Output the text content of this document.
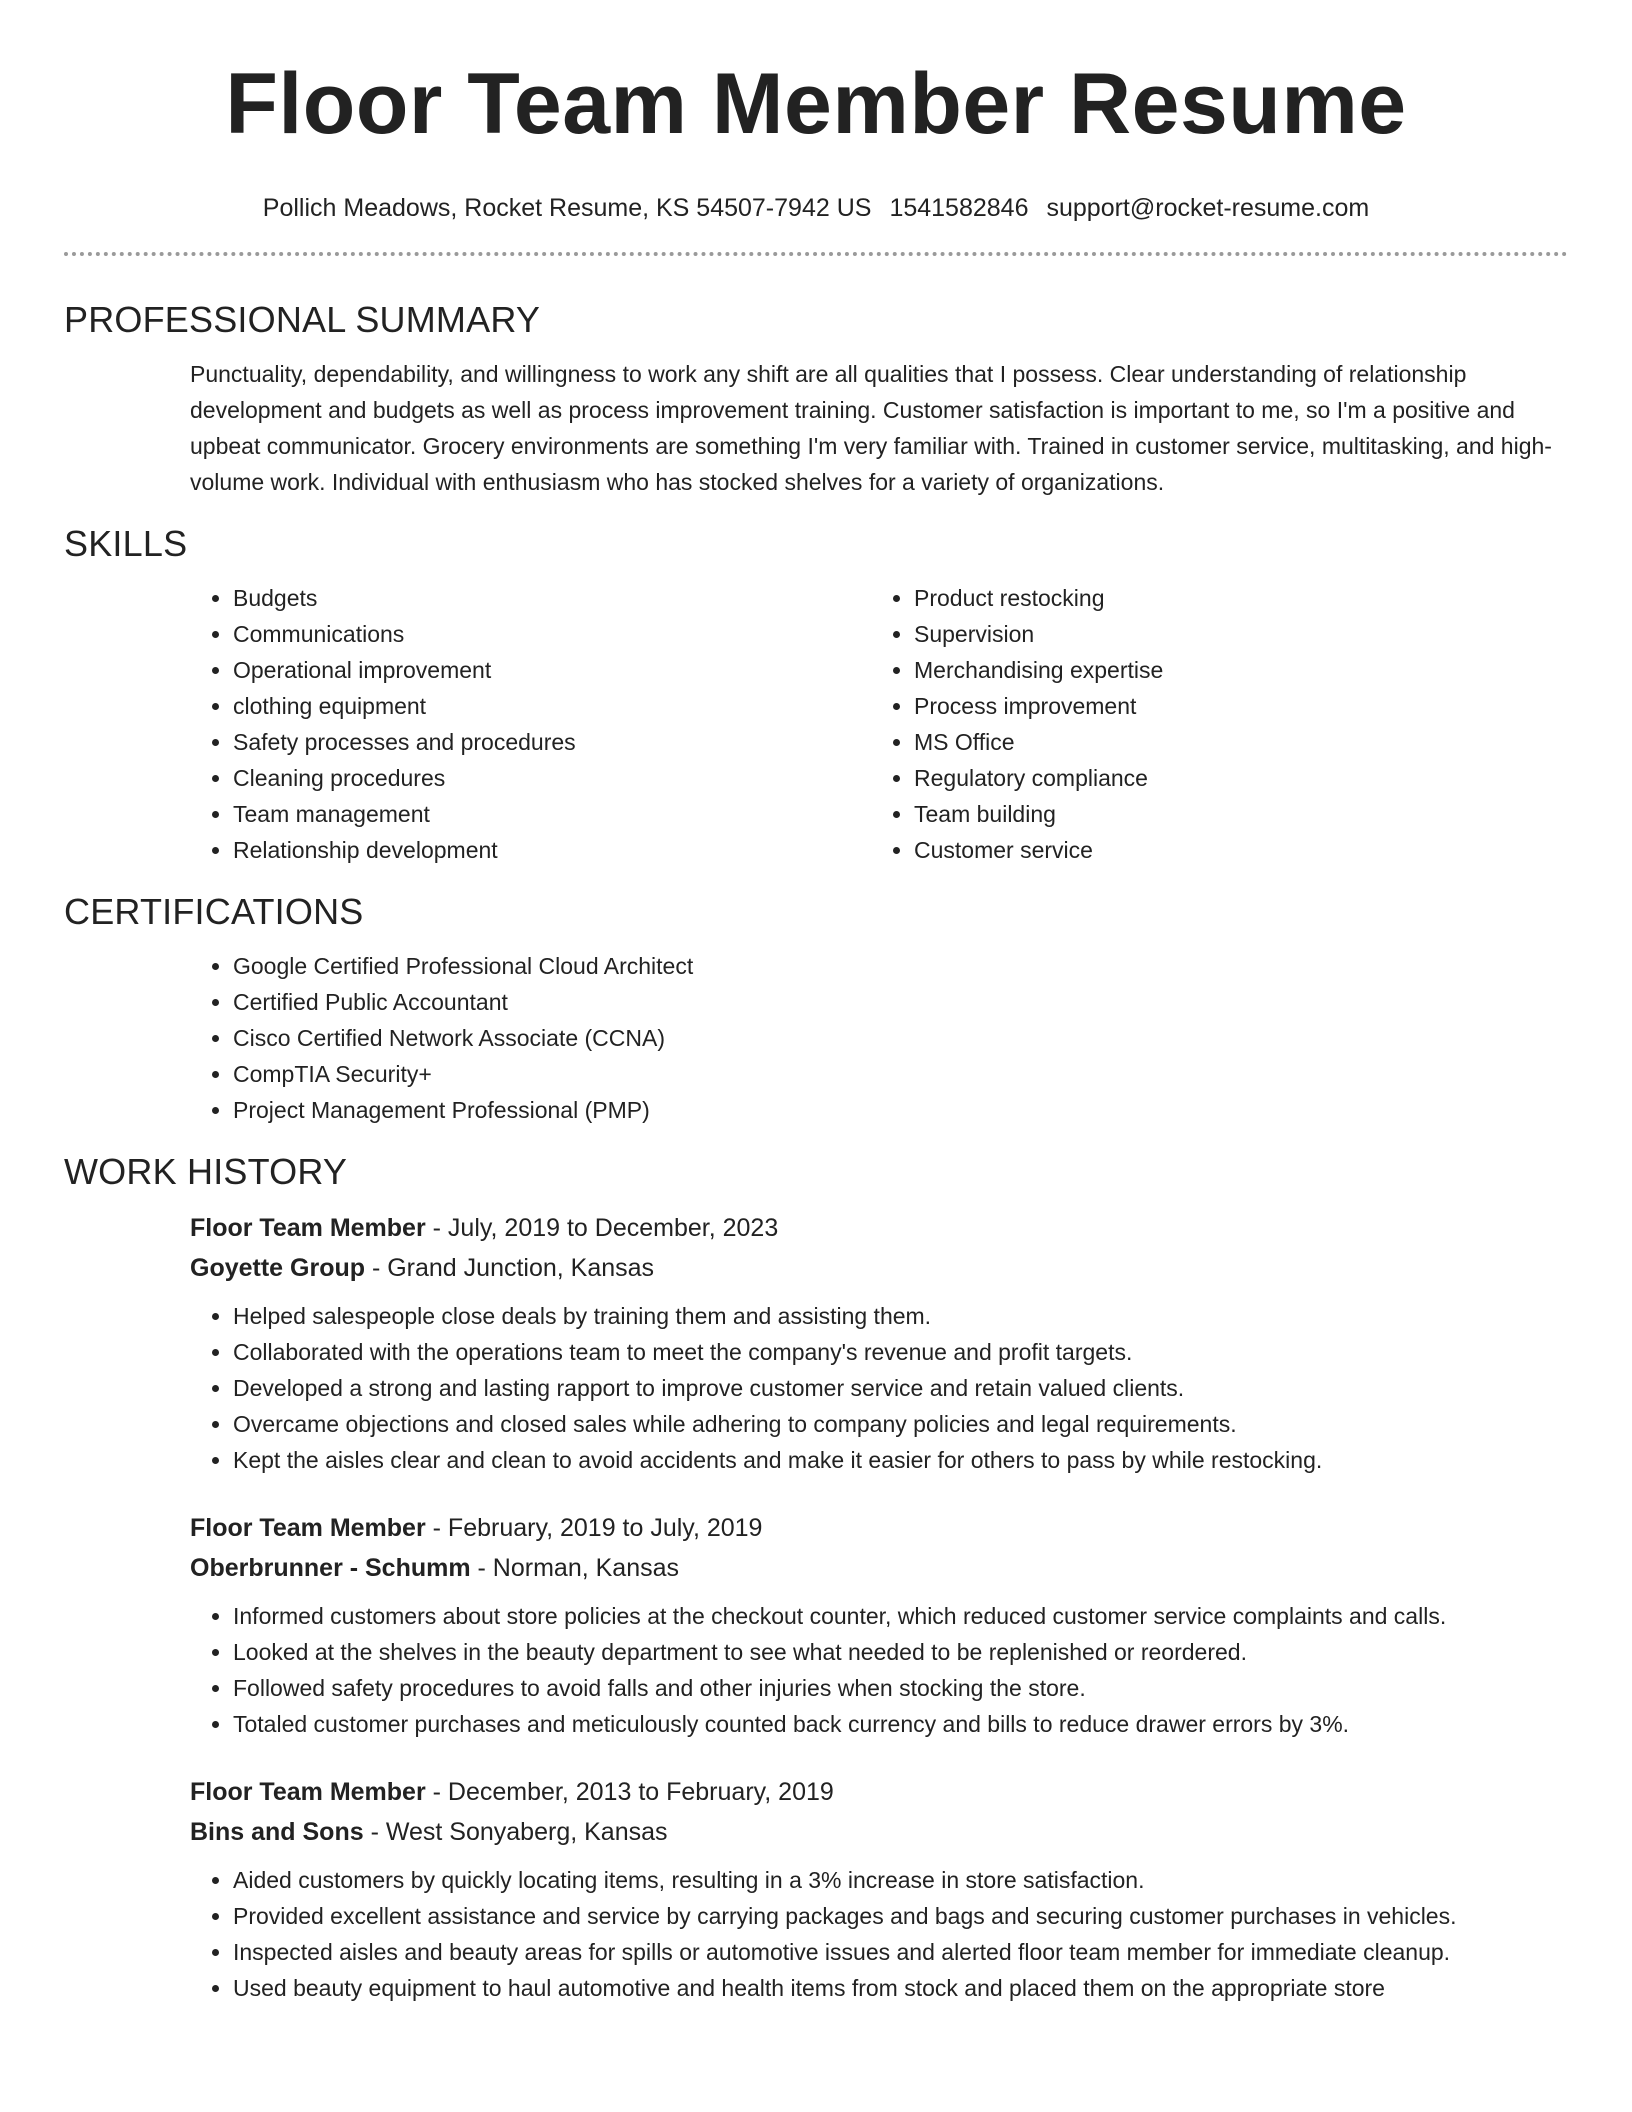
Floor Team Member Resume
Pollich Meadows, Rocket Resume, KS 54507-7942 US 1541582846 support@rocket-resume.com
PROFESSIONAL SUMMARY

Punctuality, dependability, and willingness to work any shift are all qualities that I possess. Clear understanding of relationship development and budgets as well as process improvement training. Customer satisfaction is important to me, so I'm a positive and upbeat communicator. Grocery environments are something I'm very familiar with. Trained in customer service, multitasking, and high-volume work. Individual with enthusiasm who has stocked shelves for a variety of organizations.

SKILLS
• Budgets
• Communications
• Operational improvement
• clothing equipment
• Safety processes and procedures
• Cleaning procedures
• Team management
• Relationship development
• Product restocking
• Supervision
• Merchandising expertise
• Process improvement
• MS Office
• Regulatory compliance
• Team building
• Customer service
CERTIFICATIONS
• Google Certified Professional Cloud Architect
• Certified Public Accountant
• Cisco Certified Network Associate (CCNA)
• CompTIA Security+
• Project Management Professional (PMP)
WORK HISTORY
Floor Team Member - July, 2019 to December, 2023
Goyette Group - Grand Junction, Kansas
• Helped salespeople close deals by training them and assisting them.
• Collaborated with the operations team to meet the company's revenue and profit targets.
• Developed a strong and lasting rapport to improve customer service and retain valued clients.
• Overcame objections and closed sales while adhering to company policies and legal requirements.
• Kept the aisles clear and clean to avoid accidents and make it easier for others to pass by while restocking.
Floor Team Member - February, 2019 to July, 2019
Oberbrunner - Schumm - Norman, Kansas
• Informed customers about store policies at the checkout counter, which reduced customer service complaints and calls.
• Looked at the shelves in the beauty department to see what needed to be replenished or reordered.
• Followed safety procedures to avoid falls and other injuries when stocking the store.
• Totaled customer purchases and meticulously counted back currency and bills to reduce drawer errors by 3%.
Floor Team Member - December, 2013 to February, 2019
Bins and Sons - West Sonyaberg, Kansas
• Aided customers by quickly locating items, resulting in a 3% increase in store satisfaction.
• Provided excellent assistance and service by carrying packages and bags and securing customer purchases in vehicles.
• Inspected aisles and beauty areas for spills or automotive issues and alerted floor team member for immediate cleanup.
• Used beauty equipment to haul automotive and health items from stock and placed them on the appropriate store
